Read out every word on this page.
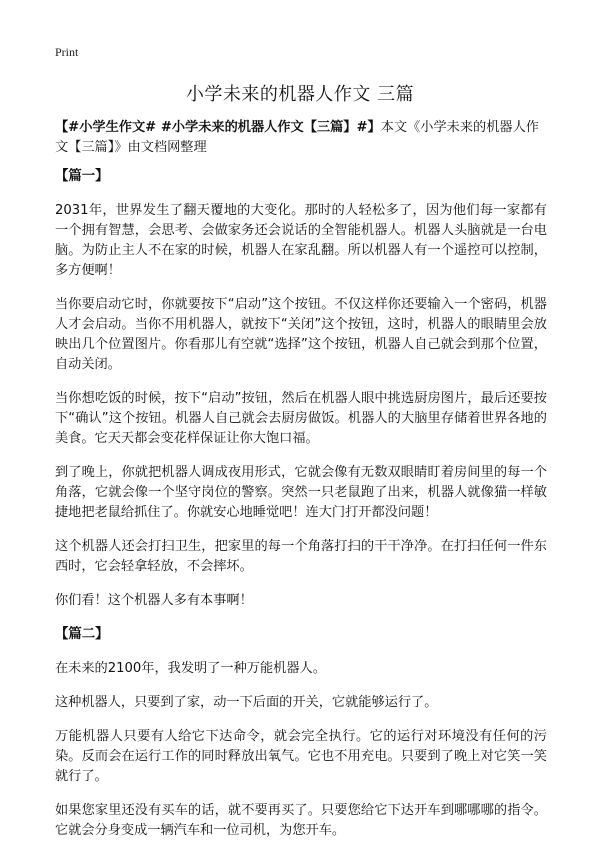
Print
小学未来的机器人作文 三篇

【#小学生作文# #小学未来的机器人作文【三篇】#】本文《小学未来的机器人作文【三篇】》由文档网整理

【篇一】

2031年，世界发生了翻天覆地的大变化。那时的人轻松多了，因为他们每一家都有一个拥有智慧，会思考、会做家务还会说话的全智能机器人。机器人头脑就是一台电脑。为防止主人不在家的时候，机器人在家乱翻。所以机器人有一个遥控可以控制，多方便啊！

当你要启动它时，你就要按下“启动”这个按钮。不仅这样你还要输入一个密码，机器人才会启动。当你不用机器人，就按下“关闭”这个按钮，这时，机器人的眼睛里会放映出几个位置图片。你看那儿有空就“选择”这个按钮，机器人自己就会到那个位置，自动关闭。

当你想吃饭的时候，按下“启动”按钮，然后在机器人眼中挑选厨房图片，最后还要按下“确认”这个按钮。机器人自己就会去厨房做饭。机器人的大脑里存储着世界各地的美食。它天天都会变花样保证让你大饱口福。

到了晚上，你就把机器人调成夜用形式，它就会像有无数双眼睛盯着房间里的每一个角落，它就会像一个坚守岗位的警察。突然一只老鼠跑了出来，机器人就像猫一样敏捷地把老鼠给抓住了。你就安心地睡觉吧！连大门打开都没问题！

这个机器人还会打扫卫生，把家里的每一个角落打扫的干干净净。在打扫任何一件东西时，它会轻拿轻放，不会摔坏。

你们看！这个机器人多有本事啊！

【篇二】

在未来的2100年，我发明了一种万能机器人。

这种机器人，只要到了家，动一下后面的开关，它就能够运行了。

万能机器人只要有人给它下达命令，就会完全执行。它的运行对环境没有任何的污染。反而会在运行工作的同时释放出氧气。它也不用充电。只要到了晚上对它笑一笑就行了。

如果您家里还没有买车的话，就不要再买了。只要您给它下达开车到哪哪哪的指令。它就会分身变成一辆汽车和一位司机，为您开车。
